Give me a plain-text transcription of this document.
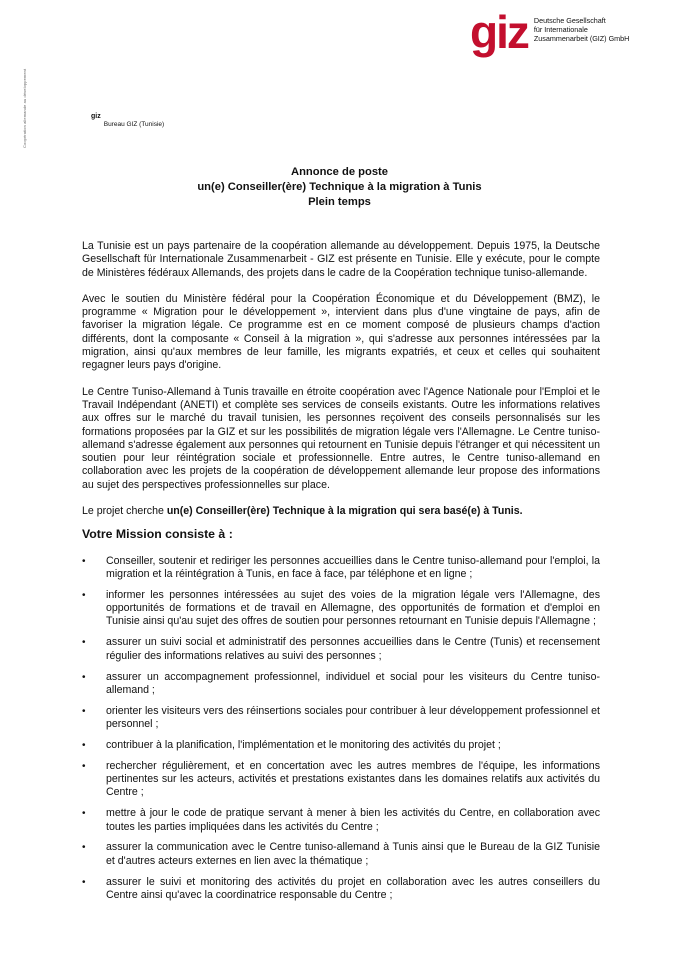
giz Deutsche Gesellschaft
für Internationale
Zusammenarbeit (GIZ) GmbH
Coopération allemande au développement	giz
Bureau GIZ (Tunisie)
Annonce de poste
un(e) Conseiller(ère) Technique à la migration à Tunis
Plein temps

La Tunisie est un pays partenaire de la coopération allemande au développement. Depuis 1975, la Deutsche Gesellschaft für Internationale Zusammenarbeit - GIZ est présente en Tunisie. Elle y exécute, pour le compte de Ministères fédéraux Allemands, des projets dans le cadre de la Coopération technique tuniso-allemande.

Avec le soutien du Ministère fédéral pour la Coopération Économique et du Développement (BMZ), le programme « Migration pour le développement », intervient dans plus d'une vingtaine de pays, afin de favoriser la migration légale. Ce programme est en ce moment composé de plusieurs champs d'action différents, dont la composante « Conseil à la migration », qui s'adresse aux personnes intéressées par la migration, ainsi qu'aux membres de leur famille, les migrants expatriés, et ceux et celles qui souhaitent regagner leurs pays d'origine.

Le Centre Tuniso-Allemand à Tunis travaille en étroite coopération avec l'Agence Nationale pour l'Emploi et le Travail Indépendant (ANETI) et complète ses services de conseils existants. Outre les informations relatives aux offres sur le marché du travail tunisien, les personnes reçoivent des conseils personnalisés sur les formations proposées par la GIZ et sur les possibilités de migration légale vers l'Allemagne. Le Centre tuniso-allemand s'adresse également aux personnes qui retournent en Tunisie depuis l'étranger et qui nécessitent un soutien pour leur réintégration sociale et professionnelle. Entre autres, le Centre tuniso-allemand en collaboration avec les projets de la coopération de développement allemande leur propose des informations au sujet des perspectives professionnelles sur place.

Le projet cherche un(e) Conseiller(ère) Technique à la migration qui sera basé(e) à Tunis.

Votre Mission consiste à :
• Conseiller, soutenir et rediriger les personnes accueillies dans le Centre tuniso-allemand pour l'emploi, la migration et la réintégration à Tunis, en face à face, par téléphone et en ligne ;
• informer les personnes intéressées au sujet des voies de la migration légale vers l'Allemagne, des opportunités de formations et de travail en Allemagne, des opportunités de formation et d'emploi en Tunisie ainsi qu'au sujet des offres de soutien pour personnes retournant en Tunisie depuis l'Allemagne ;
• assurer un suivi social et administratif des personnes accueillies dans le Centre (Tunis) et recensement régulier des informations relatives au suivi des personnes ;
• assurer un accompagnement professionnel, individuel et social pour les visiteurs du Centre tuniso-allemand ;
• orienter les visiteurs vers des réinsertions sociales pour contribuer à leur développement professionnel et personnel ;
• contribuer à la planification, l'implémentation et le monitoring des activités du projet ;
• rechercher régulièrement, et en concertation avec les autres membres de l'équipe, les informations pertinentes sur les acteurs, activités et prestations existantes dans les domaines relatifs aux activités du Centre ;
• mettre à jour le code de pratique servant à mener à bien les activités du Centre, en collaboration avec toutes les parties impliquées dans les activités du Centre ;
• assurer la communication avec le Centre tuniso-allemand à Tunis ainsi que le Bureau de la GIZ Tunisie et d'autres acteurs externes en lien avec la thématique ;
• assurer le suivi et monitoring des activités du projet en collaboration avec les autres conseillers du Centre ainsi qu'avec la coordinatrice responsable du Centre ;
